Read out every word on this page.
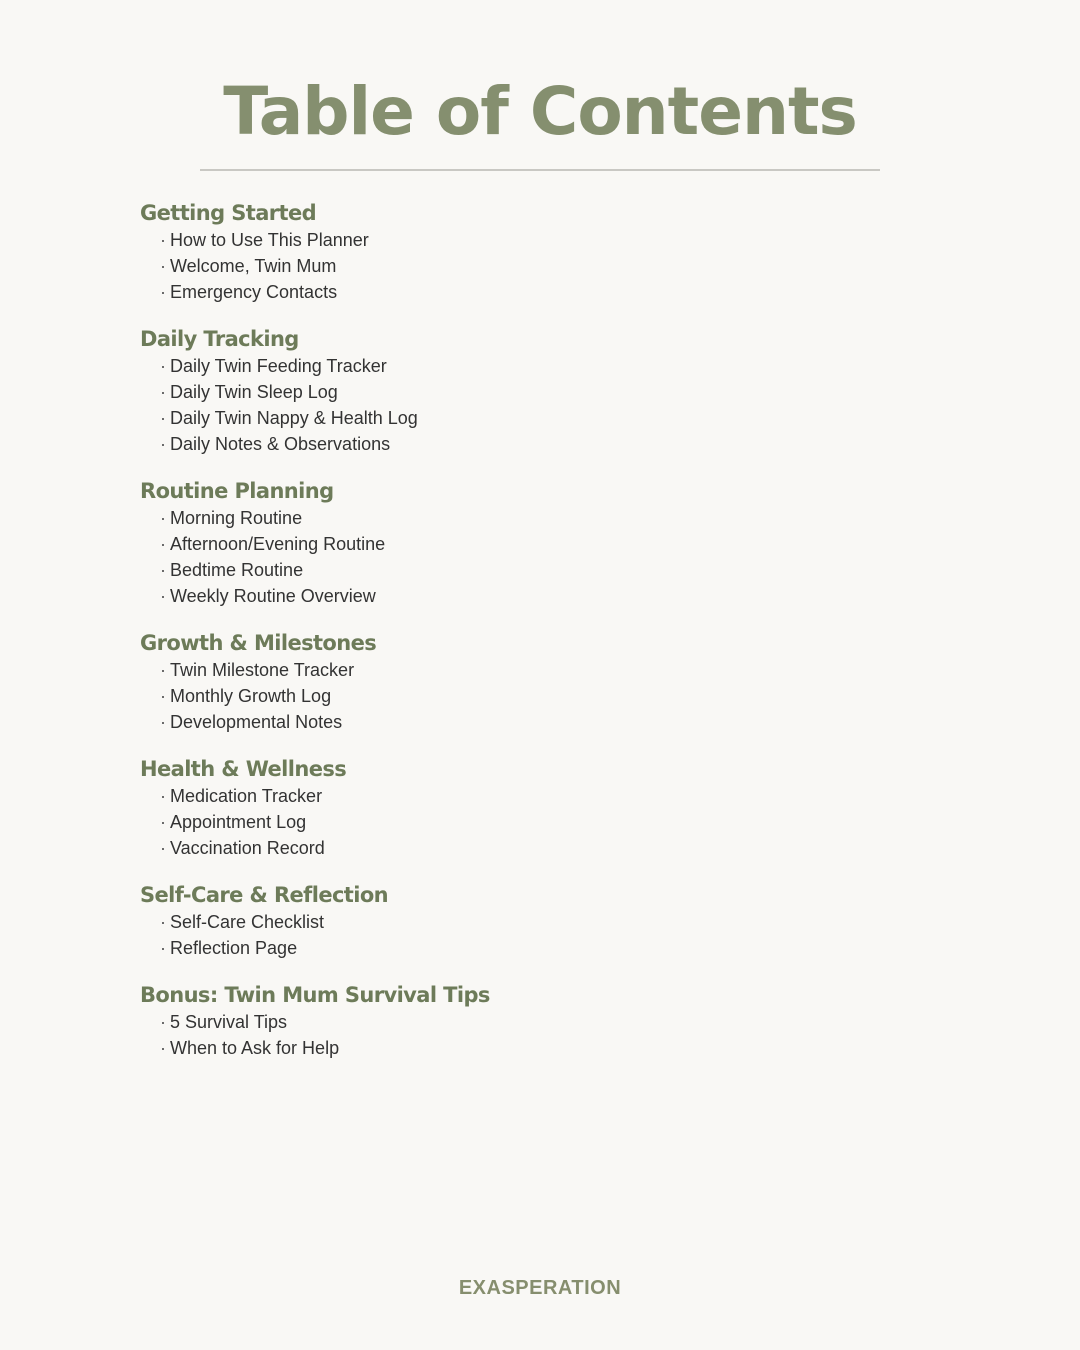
Table of Contents
Getting Started
· How to Use This Planner
· Welcome, Twin Mum
· Emergency Contacts
Daily Tracking
· Daily Twin Feeding Tracker
· Daily Twin Sleep Log
· Daily Twin Nappy & Health Log
· Daily Notes & Observations
Routine Planning
· Morning Routine
· Afternoon/Evening Routine
· Bedtime Routine
· Weekly Routine Overview
Growth & Milestones
· Twin Milestone Tracker
· Monthly Growth Log
· Developmental Notes
Health & Wellness
· Medication Tracker
· Appointment Log
· Vaccination Record
Self-Care & Reflection
· Self-Care Checklist
· Reflection Page
Bonus: Twin Mum Survival Tips
· 5 Survival Tips
· When to Ask for Help
EXASPERATION
